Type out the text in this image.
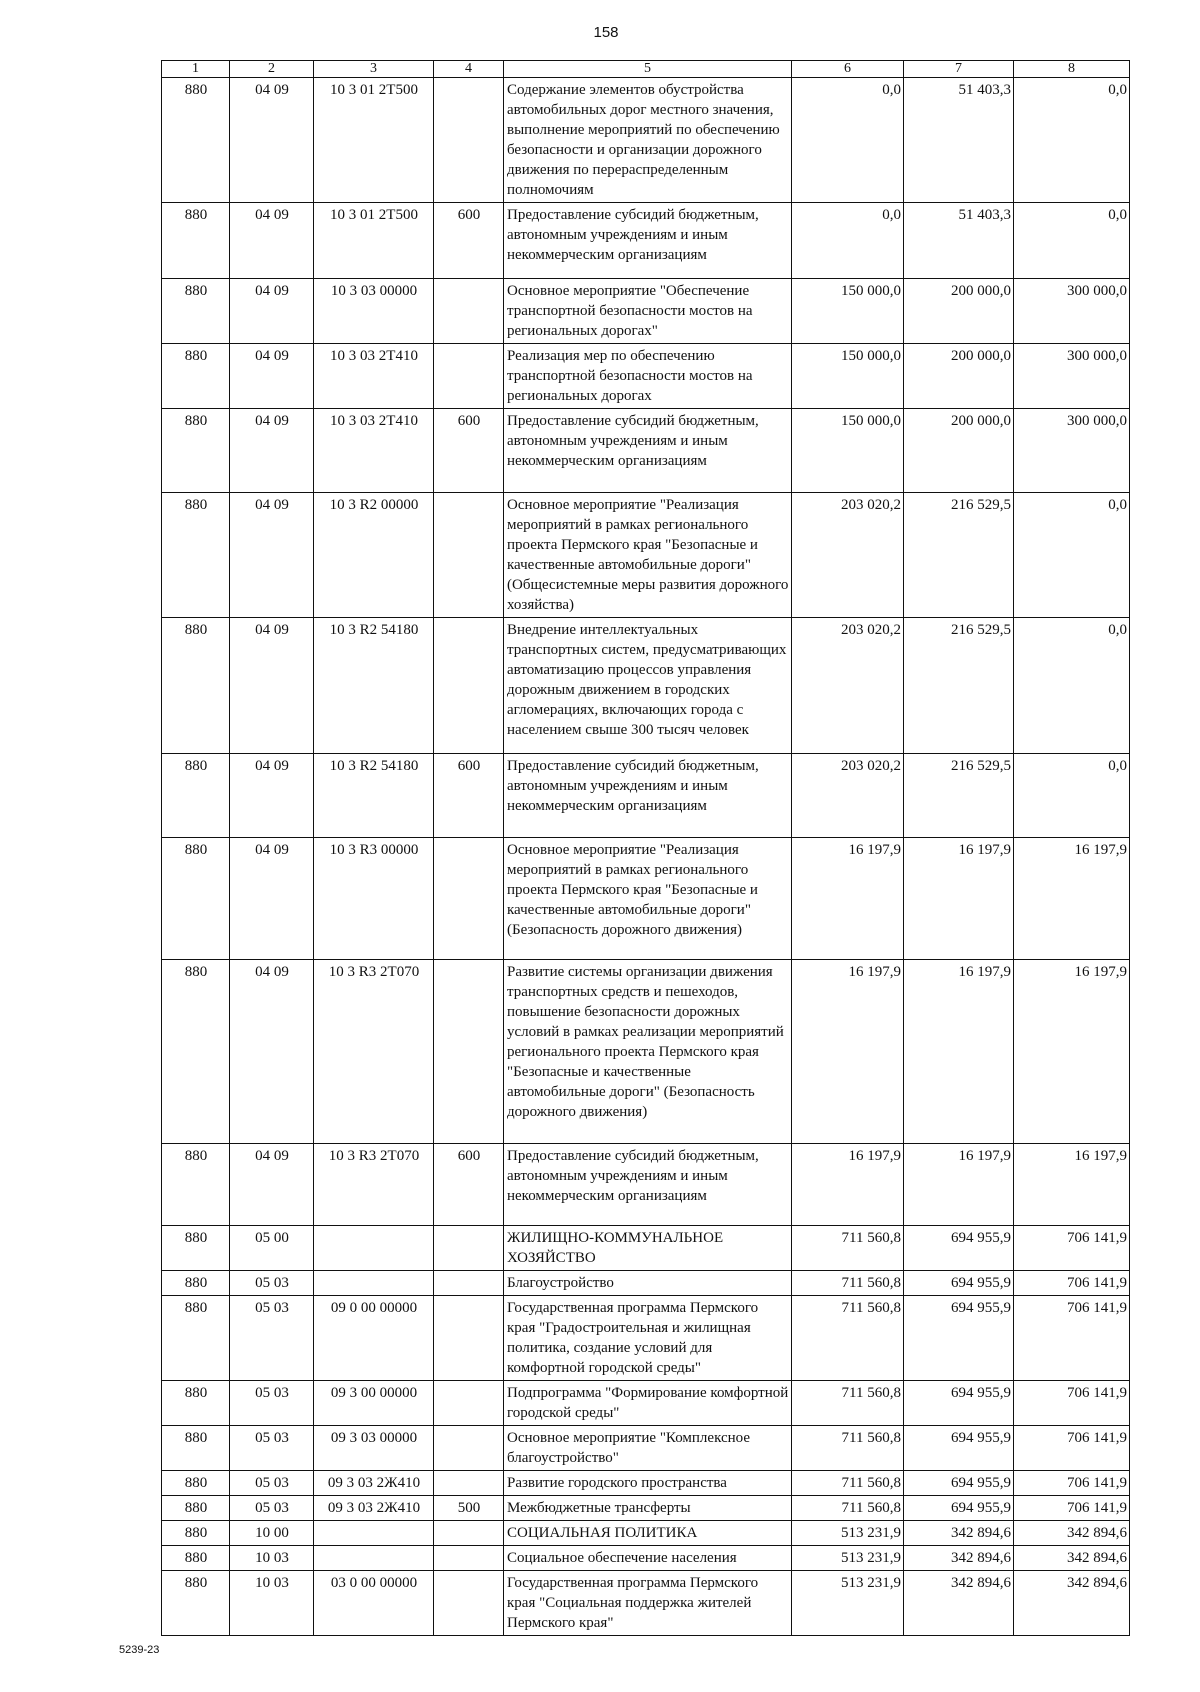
158
1	2	3	4	5	6	7	8
880	04 09	10 3 01 2Т500		Содержание элементов обустройства автомобильных дорог местного значения, выполнение мероприятий по обеспечению безопасности и организации дорожного движения по перераспределенным полномочиям	0,0	51 403,3	0,0
880	04 09	10 3 01 2Т500	600	Предоставление субсидий бюджетным, автономным учреждениям и иным некоммерческим организациям	0,0	51 403,3	0,0
880	04 09	10 3 03 00000		Основное мероприятие "Обеспечение транспортной безопасности мостов на региональных дорогах"	150 000,0	200 000,0	300 000,0
880	04 09	10 3 03 2Т410		Реализация мер по обеспечению транспортной безопасности мостов на региональных дорогах	150 000,0	200 000,0	300 000,0
880	04 09	10 3 03 2Т410	600	Предоставление субсидий бюджетным, автономным учреждениям и иным некоммерческим организациям	150 000,0	200 000,0	300 000,0
880	04 09	10 3 R2 00000		Основное мероприятие "Реализация мероприятий в рамках регионального проекта Пермского края "Безопасные и качественные автомобильные дороги" (Общесистемные меры развития дорожного хозяйства)	203 020,2	216 529,5	0,0
880	04 09	10 3 R2 54180		Внедрение интеллектуальных транспортных систем, предусматривающих автоматизацию процессов управления дорожным движением в городских агломерациях, включающих города с населением свыше 300 тысяч человек	203 020,2	216 529,5	0,0
880	04 09	10 3 R2 54180	600	Предоставление субсидий бюджетным, автономным учреждениям и иным некоммерческим организациям	203 020,2	216 529,5	0,0
880	04 09	10 3 R3 00000		Основное мероприятие "Реализация мероприятий в рамках регионального проекта Пермского края "Безопасные и качественные автомобильные дороги" (Безопасность дорожного движения)	16 197,9	16 197,9	16 197,9
880	04 09	10 3 R3 2Т070		Развитие системы организации движения транспортных средств и пешеходов, повышение безопасности дорожных условий в рамках реализации мероприятий регионального проекта Пермского края "Безопасные и качественные автомобильные дороги" (Безопасность дорожного движения)	16 197,9	16 197,9	16 197,9
880	04 09	10 3 R3 2Т070	600	Предоставление субсидий бюджетным, автономным учреждениям и иным некоммерческим организациям	16 197,9	16 197,9	16 197,9
880	05 00			ЖИЛИЩНО-КОММУНАЛЬНОЕ ХОЗЯЙСТВО	711 560,8	694 955,9	706 141,9
880	05 03			Благоустройство	711 560,8	694 955,9	706 141,9
880	05 03	09 0 00 00000		Государственная программа Пермского края "Градостроительная и жилищная политика, создание условий для комфортной городской среды"	711 560,8	694 955,9	706 141,9
880	05 03	09 3 00 00000		Подпрограмма "Формирование комфортной городской среды"	711 560,8	694 955,9	706 141,9
880	05 03	09 3 03 00000		Основное мероприятие "Комплексное благоустройство"	711 560,8	694 955,9	706 141,9
880	05 03	09 3 03 2Ж410		Развитие городского пространства	711 560,8	694 955,9	706 141,9
880	05 03	09 3 03 2Ж410	500	Межбюджетные трансферты	711 560,8	694 955,9	706 141,9
880	10 00			СОЦИАЛЬНАЯ ПОЛИТИКА	513 231,9	342 894,6	342 894,6
880	10 03			Социальное обеспечение населения	513 231,9	342 894,6	342 894,6
880	10 03	03 0 00 00000		Государственная программа Пермского края "Социальная поддержка жителей Пермского края"	513 231,9	342 894,6	342 894,6
5239-23
